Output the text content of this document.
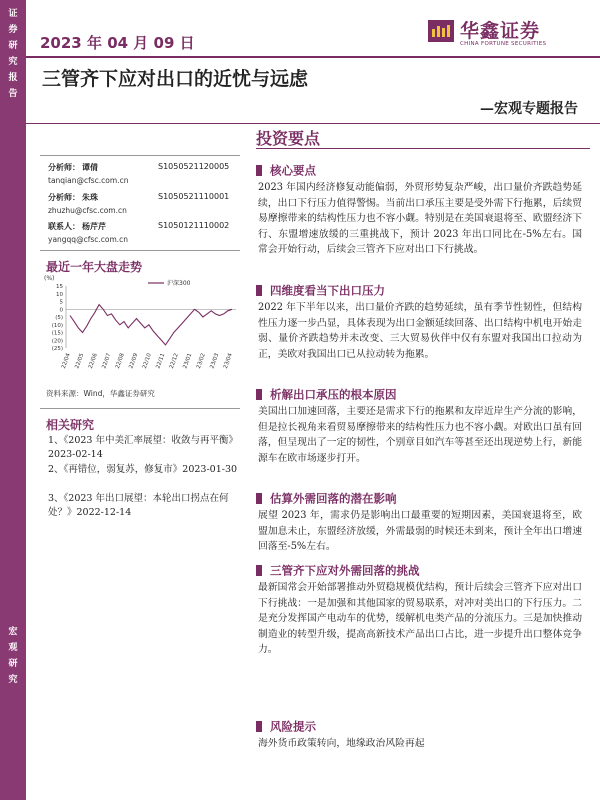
证
券
研
究
报
告
宏
观
研
究
2023 年 04 月 09 日
华鑫证券
CHINA FORTUNE SECURITIES
三管齐下应对出口的近忧与远虑
—宏观专题报告
投资要点
分析师： 谭倩	S1050521120005
tanqian@cfsc.com.cn
分析师： 朱珠	S1050521110001
zhuzhu@cfsc.com.cn
联系人： 杨芹芹	S1050121110002
yangqq@cfsc.com.cn
最近一年大盘走势
(%)
沪深300
15
10
5
0
(5)
(10)
(15)
(20)
(25)
22/04 22/05 22/06 22/07 22/08 22/09 22/10 22/11 22/12 23/01 23/02 23/03 23/04
资料来源：Wind，华鑫证券研究
相关研究
1、《2023 年中美汇率展望：收敛与再平衡》2023-02-14
2、《再错位，弱复苏，修复市》2023-01-30
3、《2023 年出口展望：本轮出口拐点在何处？》2022-12-14
核心要点
2023 年国内经济修复动能偏弱，外贸形势复杂严峻，出口量价齐跌趋势延续，出口下行压力值得警惕。当前出口承压主要是受外需下行拖累，后续贸易摩擦带来的结构性压力也不容小觑。特别是在美国衰退将至、欧盟经济下行、东盟增速放缓的三重挑战下，预计 2023 年出口同比在-5%左右。国常会开始行动，后续会三管齐下应对出口下行挑战。
四维度看当下出口压力
2022 年下半年以来，出口量价齐跌的趋势延续，虽有季节性韧性，但结构性压力逐一步凸显，具体表现为出口金额延续回落、出口结构中机电开始走弱、量价齐跌趋势并未改变、三大贸易伙伴中仅有东盟对我国出口拉动为正，美欧对我国出口已从拉动转为拖累。
析解出口承压的根本原因
美国出口加速回落，主要还是需求下行的拖累和友岸近岸生产分流的影响，但是拉长视角来看贸易摩擦带来的结构性压力也不容小觑。对欧出口虽有回落，但呈现出了一定的韧性，个别章目如汽车等甚至还出现逆势上行，新能源车在欧市场逐步打开。
估算外需回落的潜在影响
展望 2023 年，需求仍是影响出口最重要的短期因素，美国衰退将至，欧盟加息未止，东盟经济放缓，外需最弱的时候还未到来，预计全年出口增速回落至-5%左右。
三管齐下应对外需回落的挑战
最新国常会开始部署推动外贸稳规模优结构，预计后续会三管齐下应对出口下行挑战：一是加强和其他国家的贸易联系，对冲对美出口的下行压力。二是充分发挥国产电动车的优势，缓解机电类产品的分流压力。三是加快推动制造业的转型升级，提高高新技术产品出口占比，进一步提升出口整体竞争力。
风险提示
海外货币政策转向，地缘政治风险再起
